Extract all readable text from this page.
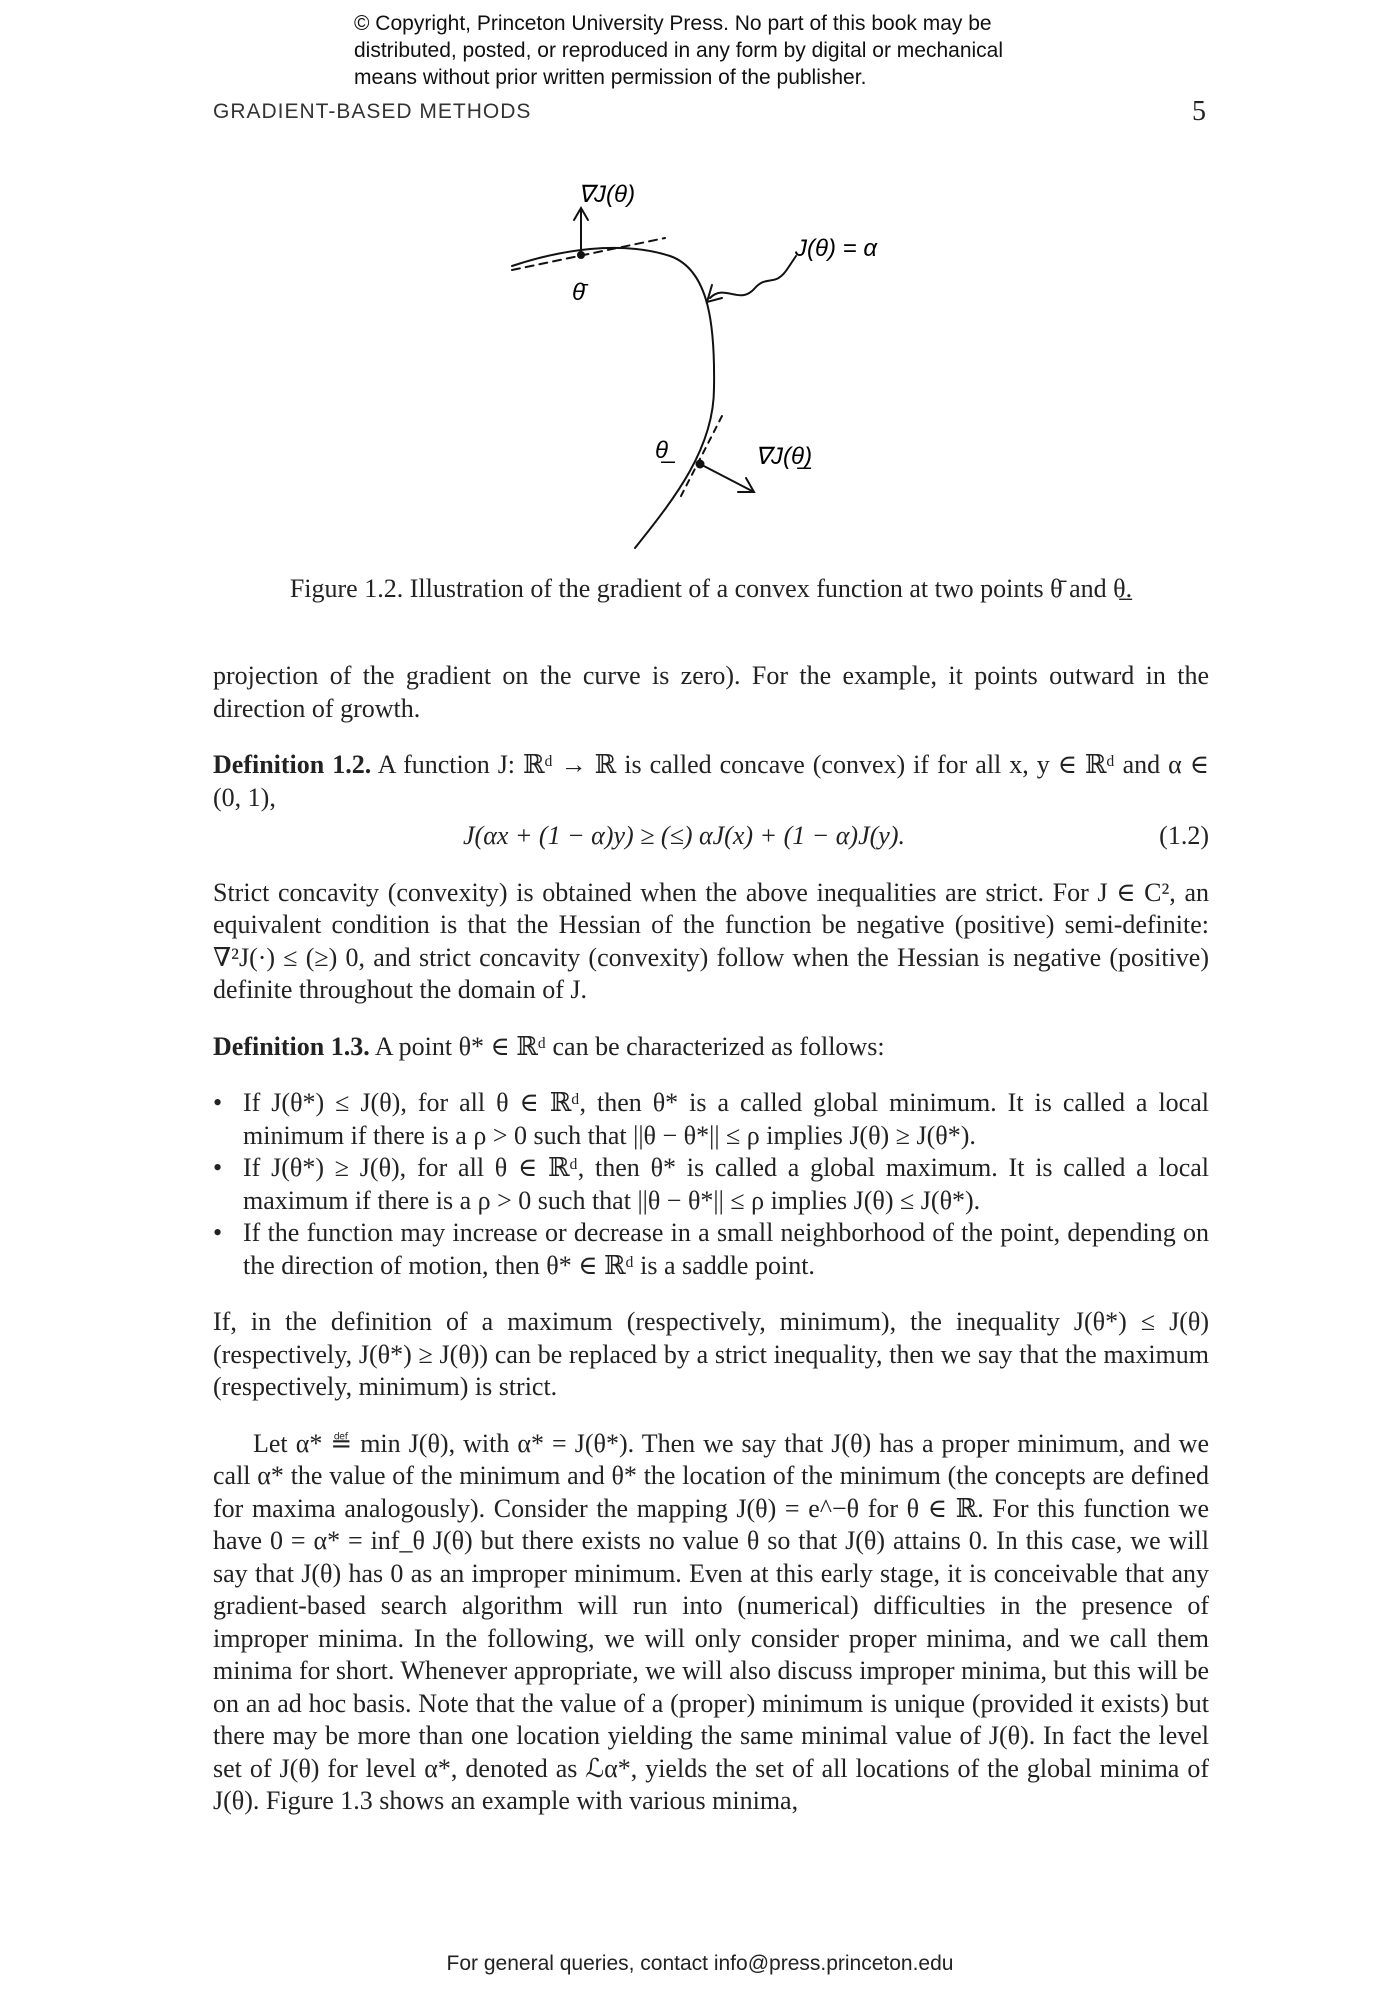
© Copyright, Princeton University Press. No part of this book may be
distributed, posted, or reproduced in any form by digital or mechanical
means without prior written permission of the publisher.
GRADIENT-BASED METHODS	5
∇J(θ)
θ̄
J(θ) = α
θ̲	∇J(θ̲)
Figure 1.2. Illustration of the gradient of a convex function at two points θ̄ and θ̲.

projection of the gradient on the curve is zero). For the example, it points outward in the direction of growth.

Definition 1.2. A function J: ℝᵈ → ℝ is called concave (convex) if for all x, y ∈ ℝᵈ and α ∈ (0, 1),

J(αx + (1 − α)y) ≥ (≤) αJ(x) + (1 − α)J(y).	(1.2)

Strict concavity (convexity) is obtained when the above inequalities are strict. For J ∈ C², an equivalent condition is that the Hessian of the function be negative (positive) semi-definite: ∇²J(·) ≤ (≥) 0, and strict concavity (convexity) follow when the Hessian is negative (positive) definite throughout the domain of J.

Definition 1.3. A point θ* ∈ ℝᵈ can be characterized as follows:

• If J(θ*) ≤ J(θ), for all θ ∈ ℝᵈ, then θ* is a called global minimum. It is called a local minimum if there is a ρ > 0 such that ||θ − θ*|| ≤ ρ implies J(θ) ≥ J(θ*).
• If J(θ*) ≥ J(θ), for all θ ∈ ℝᵈ, then θ* is called a global maximum. It is called a local maximum if there is a ρ > 0 such that ||θ − θ*|| ≤ ρ implies J(θ) ≤ J(θ*).
• If the function may increase or decrease in a small neighborhood of the point, depending on the direction of motion, then θ* ∈ ℝᵈ is a saddle point.

If, in the definition of a maximum (respectively, minimum), the inequality J(θ*) ≤ J(θ) (respectively, J(θ*) ≥ J(θ)) can be replaced by a strict inequality, then we say that the maximum (respectively, minimum) is strict.

Let α* ≝ min J(θ), with α* = J(θ*). Then we say that J(θ) has a proper minimum, and we call α* the value of the minimum and θ* the location of the minimum (the concepts are defined for maxima analogously). Consider the mapping J(θ) = e^−θ for θ ∈ ℝ. For this function we have 0 = α* = inf_θ J(θ) but there exists no value θ so that J(θ) attains 0. In this case, we will say that J(θ) has 0 as an improper minimum. Even at this early stage, it is conceivable that any gradient-based search algorithm will run into (numerical) difficulties in the presence of improper minima. In the following, we will only consider proper minima, and we call them minima for short. Whenever appropriate, we will also discuss improper minima, but this will be on an ad hoc basis. Note that the value of a (proper) minimum is unique (provided it exists) but there may be more than one location yielding the same minimal value of J(θ). In fact the level set of J(θ) for level α*, denoted as ℒα*, yields the set of all locations of the global minima of J(θ). Figure 1.3 shows an example with various minima,

For general queries, contact info@press.princeton.edu
